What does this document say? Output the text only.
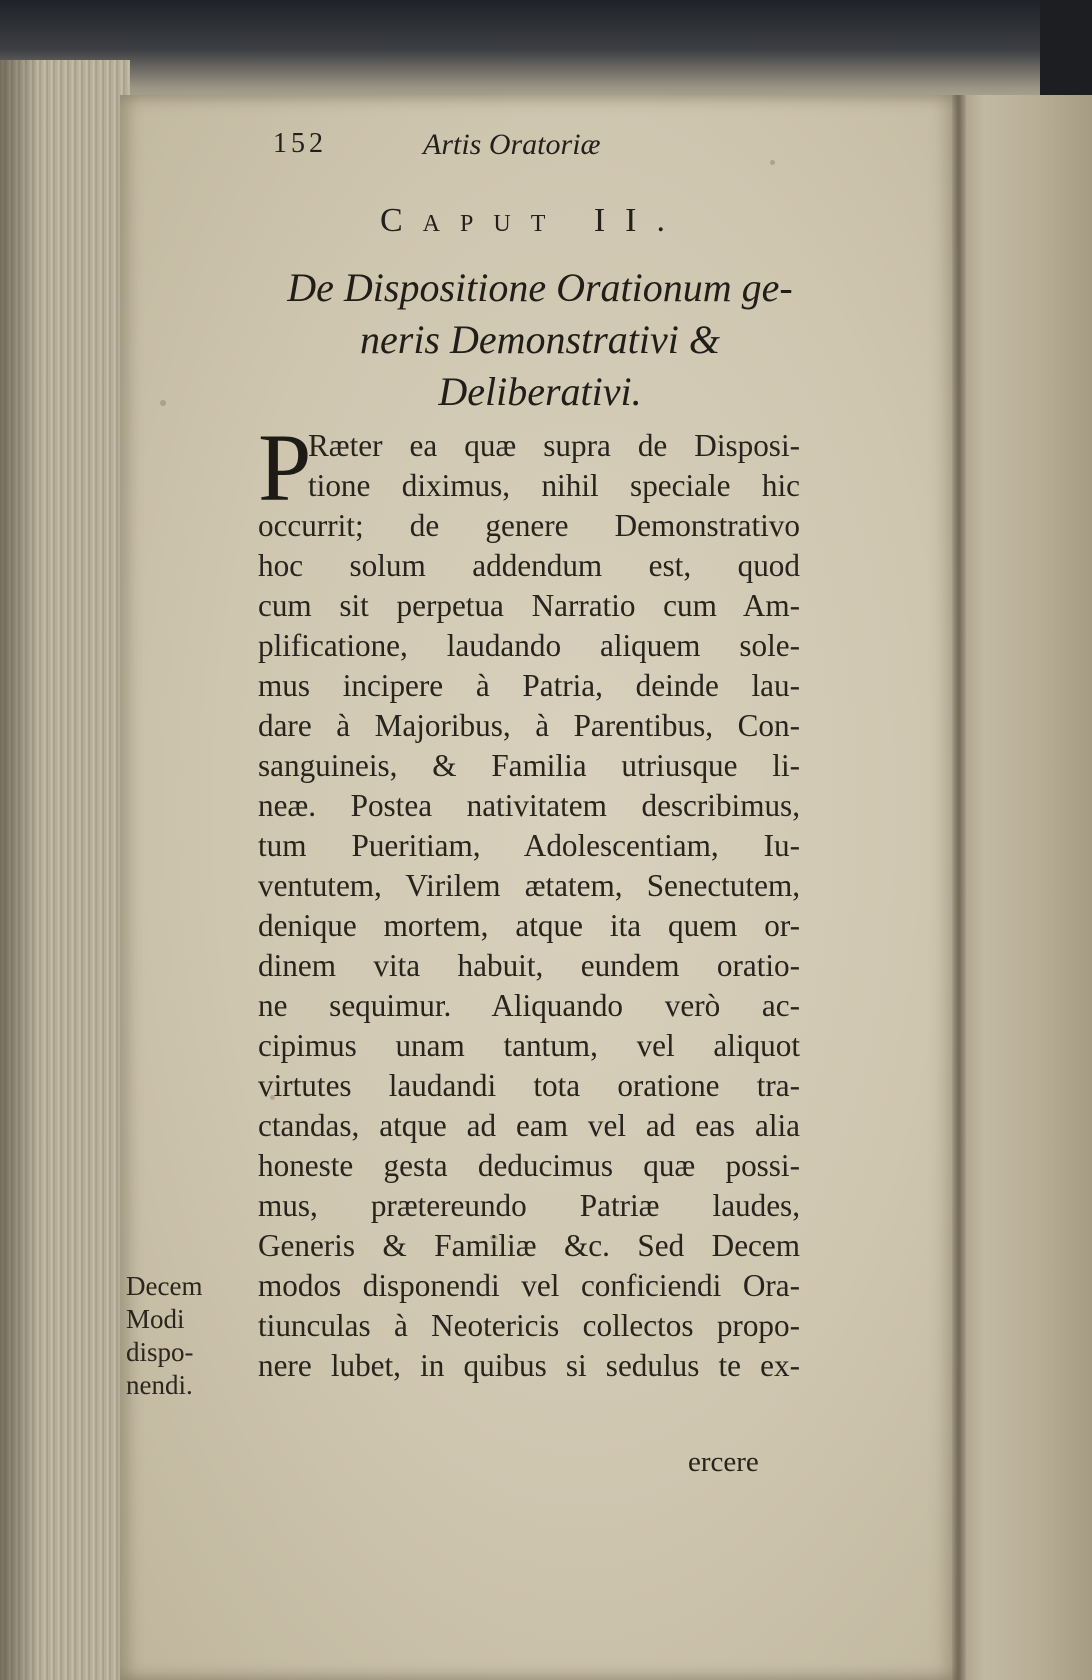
152	Artis Oratoriæ
Caput II.
De Dispositione Orationum ge-
neris Demonstrativi &
Deliberativi.
P
Ræter ea quæ supra de Disposi-
tione diximus, nihil speciale hic
occurrit; de genere Demonstrativo
hoc solum addendum est, quod
cum sit perpetua Narratio cum Am-
plificatione, laudando aliquem sole-
mus incipere à Patria, deinde lau-
dare à Majoribus, à Parentibus, Con-
sanguineis, & Familia utriusque li-
neæ. Postea nativitatem describimus,
tum Pueritiam, Adolescentiam, Iu-
ventutem, Virilem ætatem, Senectutem,
denique mortem, atque ita quem or-
dinem vita habuit, eundem oratio-
ne sequimur. Aliquando verò ac-
cipimus unam tantum, vel aliquot
virtutes laudandi tota oratione tra-
ctandas, atque ad eam vel ad eas alia
honeste gesta deducimus quæ possi-
mus, prætereundo Patriæ laudes,
Generis & Familiæ &c. Sed Decem
modos disponendi vel conficiendi Ora-
tiunculas à Neotericis collectos propo-
nere lubet, in quibus si sedulus te ex-
ercere
Decem
Modi
dispo-
nendi.
